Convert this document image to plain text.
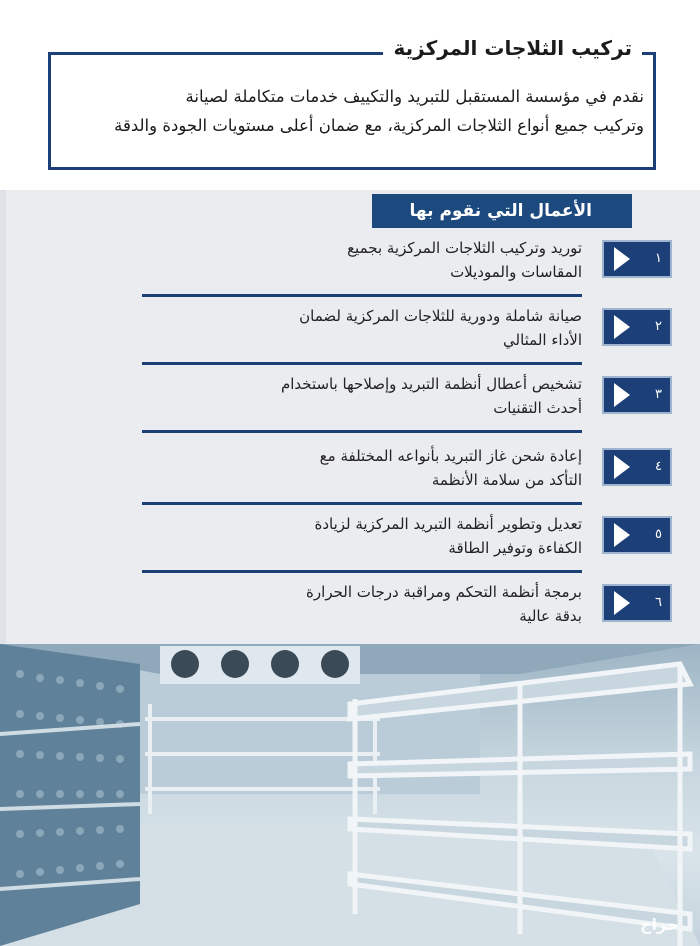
تركيب الثلاجات المركزية
نقدم في مؤسسة المستقبل للتبريد والتكييف خدمات متكاملة لصيانة
وتركيب جميع أنواع الثلاجات المركزية، مع ضمان أعلى مستويات الجودة والدقة
الأعمال التي نقوم بها
١
توريد وتركيب الثلاجات المركزية بجميع
المقاسات والموديلات
٢
صيانة شاملة ودورية للثلاجات المركزية لضمان
الأداء المثالي
٣
تشخيص أعطال أنظمة التبريد وإصلاحها باستخدام
أحدث التقنيات
٤
إعادة شحن غاز التبريد بأنواعه المختلفة مع
التأكد من سلامة الأنظمة
٥
تعديل وتطوير أنظمة التبريد المركزية لزيادة
الكفاءة وتوفير الطاقة
٦
برمجة أنظمة التحكم ومراقبة درجات الحرارة
بدقة عالية
حراج
